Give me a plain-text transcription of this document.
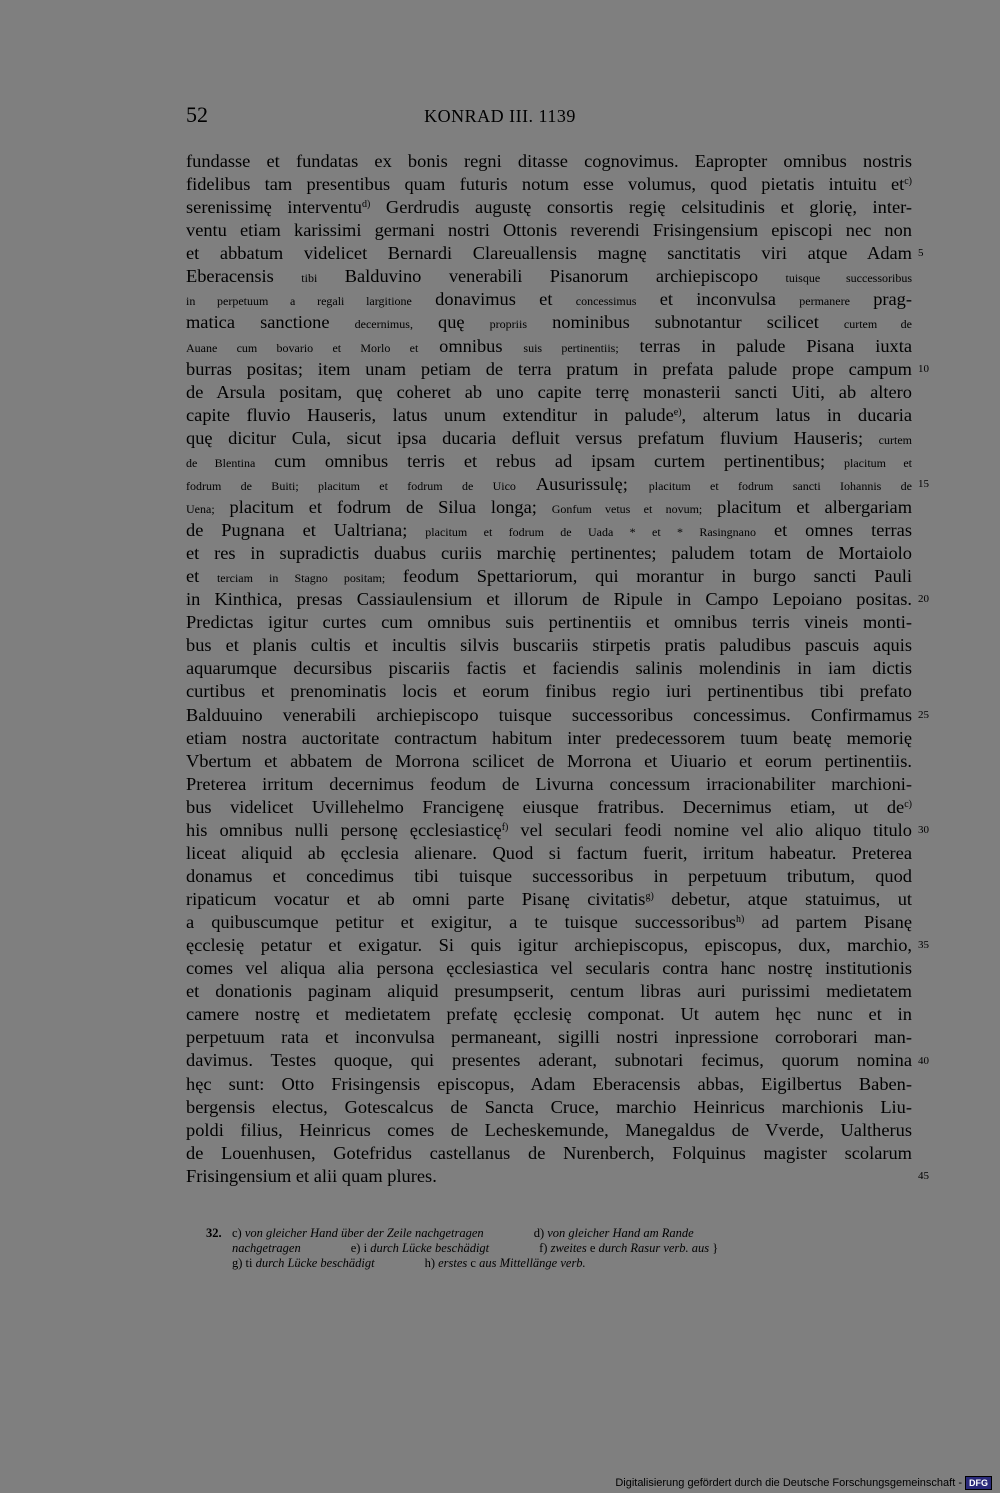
52	KONRAD III. 1139
fundasse et fundatas ex bonis regni ditasse cognovimus. Eapropter omnibus nostris
fidelibus tam presentibus quam futuris notum esse volumus, quod pietatis intuitu $et^{c)}$
serenissimę interventu$^{d)}$ Gerdrudis augustę consortis regię celsitudinis et glorię, inter-
ventu etiam karissimi germani nostri Ottonis reverendi Frisingensium episcopi nec non
et abbatum videlicet Bernardi Clareuallensis magnę sanctitatis viri atque Adam
Eberacensis tibi Balduvino venerabili Pisanorum archiepiscopo tuisque successoribus
in perpetuum a regali largitione donavimus et concessimus et inconvulsa permanere prag-
matica sanctione decernimus, quę propriis nominibus subnotantur scilicet curtem de
Auane cum bovario et Morlo et omnibus suis pertinentiis; terras in palude Pisana iuxta
burras positas; item unam petiam de terra pratum in prefata palude prope campum
de Arsula positam, quę coheret ab uno capite terrę monasterii sancti Uiti, ab altero
capite fluvio Hauseris, latus unum extenditur in palude$^{e)}$, alterum latus in ducaria
quę dicitur Cula, sicut ipsa ducaria defluit versus prefatum fluvium Hauseris; curtem
de Blentina cum omnibus terris et rebus ad ipsam curtem pertinentibus; placitum et
fodrum de Buiti; placitum et fodrum de Uico Ausurissulę; placitum et fodrum sancti Iohannis de
Uena; placitum et fodrum de Silua longa; Gonfum vetus et novum; placitum et albergariam
de Pugnana et Ualtriana; placitum et fodrum de Uada * et * Rasingnano et omnes terras
et res in supradictis duabus curiis marchię pertinentes; paludem totam de Mortaiolo
et terciam in Stagno positam; feodum Spettariorum, qui morantur in burgo sancti Pauli
in Kinthica, presas Cassiaulensium et illorum de Ripule in Campo Lepoiano positas.
Predictas igitur curtes cum omnibus suis pertinentiis et omnibus terris vineis monti-
bus et planis cultis et incultis silvis buscariis stirpetis pratis paludibus pascuis aquis
aquarumque decursibus piscariis factis et faciendis salinis molendinis in iam dictis
curtibus et prenominatis locis et eorum finibus regio iuri pertinentibus tibi prefato
Balduuino venerabili archiepiscopo tuisque successoribus concessimus. Confirmamus
etiam nostra auctoritate contractum habitum inter predecessorem tuum beatę memorię
Vbertum et abbatem de Morrona scilicet de Morrona et Uiuario et eorum pertinentiis.
Preterea irritum decernimus feodum de Livurna concessum irracionabiliter marchioni-
bus videlicet Uvillehelmo Francigenę eiusque fratribus. Decernimus etiam, ut $de^{c)}$
his omnibus nulli personę ęcclesiasticę$^{f)}$ vel seculari feodi nomine vel alio aliquo titulo
liceat aliquid ab ęcclesia alienare. Quod si factum fuerit, irritum habeatur. Preterea
donamus et concedimus tibi tuisque successoribus in perpetuum tributum, quod
ripaticum vocatur et ab omni parte Pisanę civitatis$^{g)}$ debetur, atque statuimus, ut
a quibuscumque petitur et exigitur, a te tuisque successoribus$^{h)}$ ad partem Pisanę
ęcclesię petatur et exigatur. Si quis igitur archiepiscopus, episcopus, dux, marchio,
comes vel aliqua alia persona ęcclesiastica vel secularis contra hanc nostrę institutionis
et donationis paginam aliquid presumpserit, centum libras auri purissimi medietatem
camere nostrę et medietatem prefatę ęcclesię componat. Ut autem hęc nunc et in
perpetuum rata et inconvulsa permaneant, sigilli nostri inpressione corroborari man-
davimus. Testes quoque, qui presentes aderant, subnotari fecimus, quorum nomina
hęc sunt: Otto Frisingensis episcopus, Adam Eberacensis abbas, Eigilbertus Baben-
bergensis electus, Gotescalcus de Sancta Cruce, marchio Heinricus marchionis Liu-
poldi filius, Heinricus comes de Lecheskemunde, Manegaldus de Vverde, Ualtherus
de Louenhusen, Gotefridus castellanus de Nurenberch, Folquinus magister scolarum
Frisingensium et alii quam plures.
5
10
15
20
25
30
35
40
45
32. c) von gleicher Hand über der Zeile nachgetragen	d) von gleicher Hand am Rande
nachgetragen	e) i durch Lücke beschädigt	f) zweites e durch Rasur verb. aus }
g) ti durch Lücke beschädigt	h) erstes c aus Mittellänge verb.
Digitalisierung gefördert durch die Deutsche Forschungsgemeinschaft - DFG
